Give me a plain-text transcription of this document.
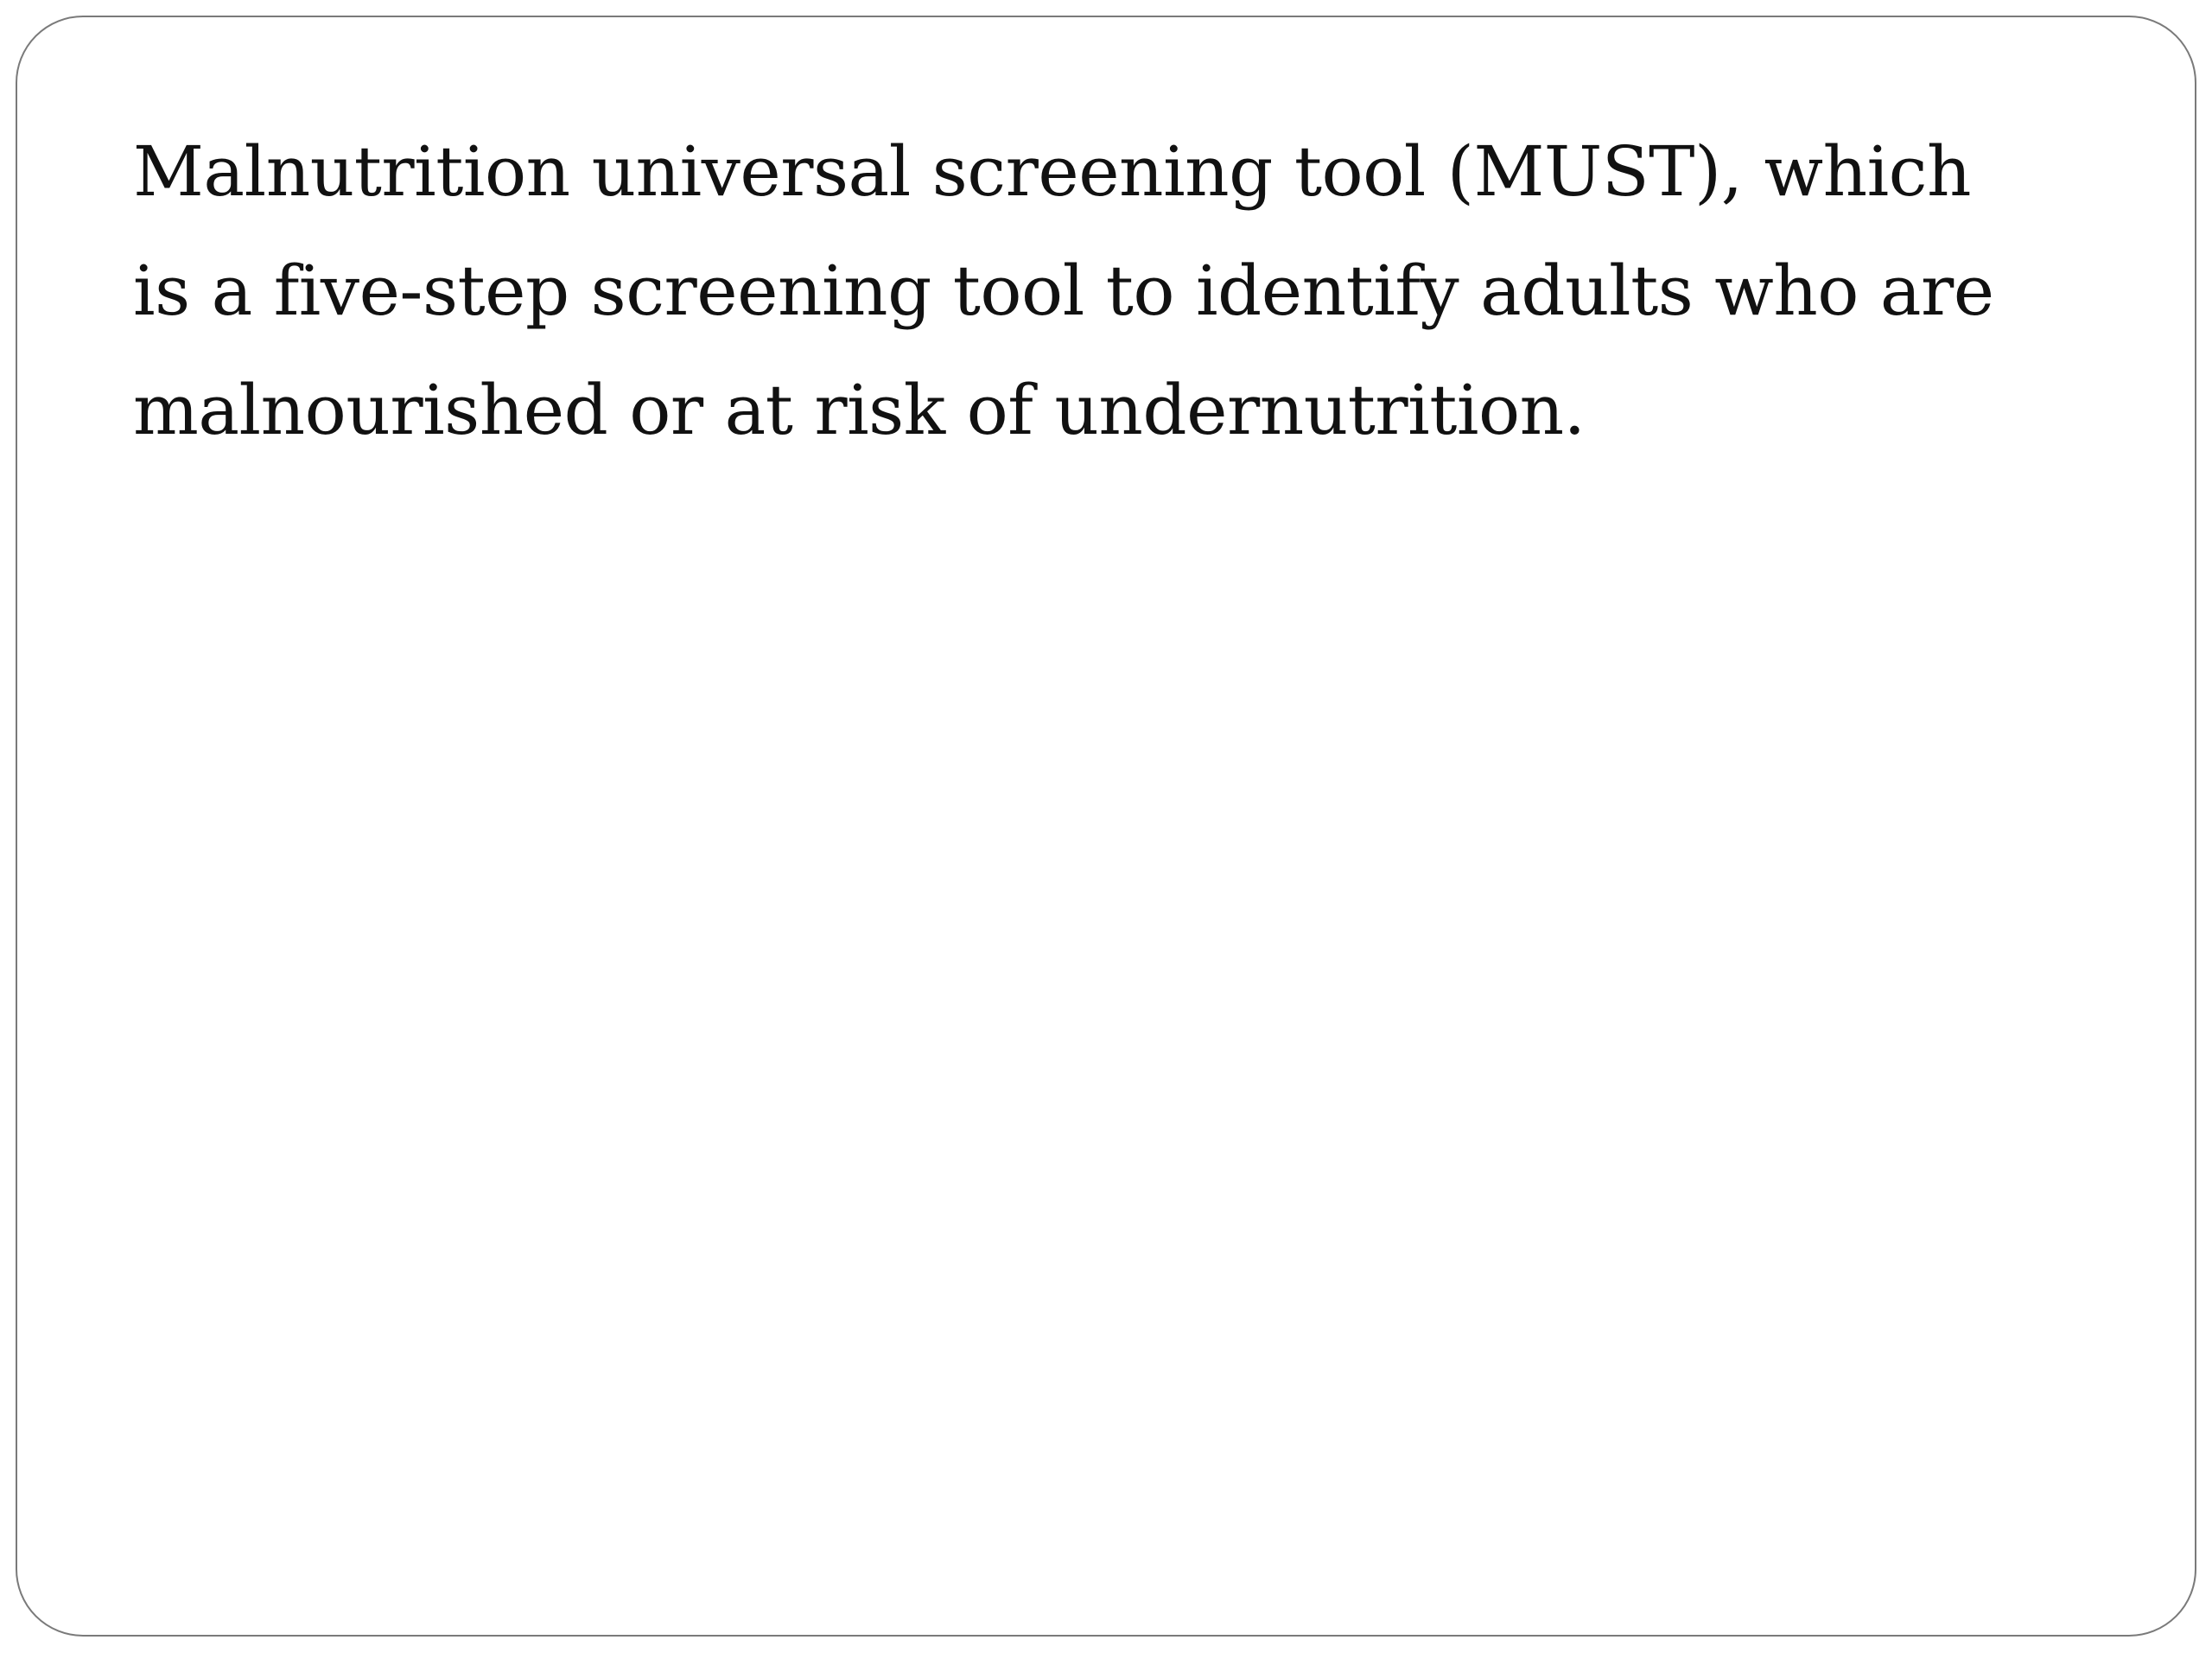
Malnutrition universal screening tool (MUST), which
is a five-step screening tool to identify adults who are
malnourished or at risk of undernutrition.
